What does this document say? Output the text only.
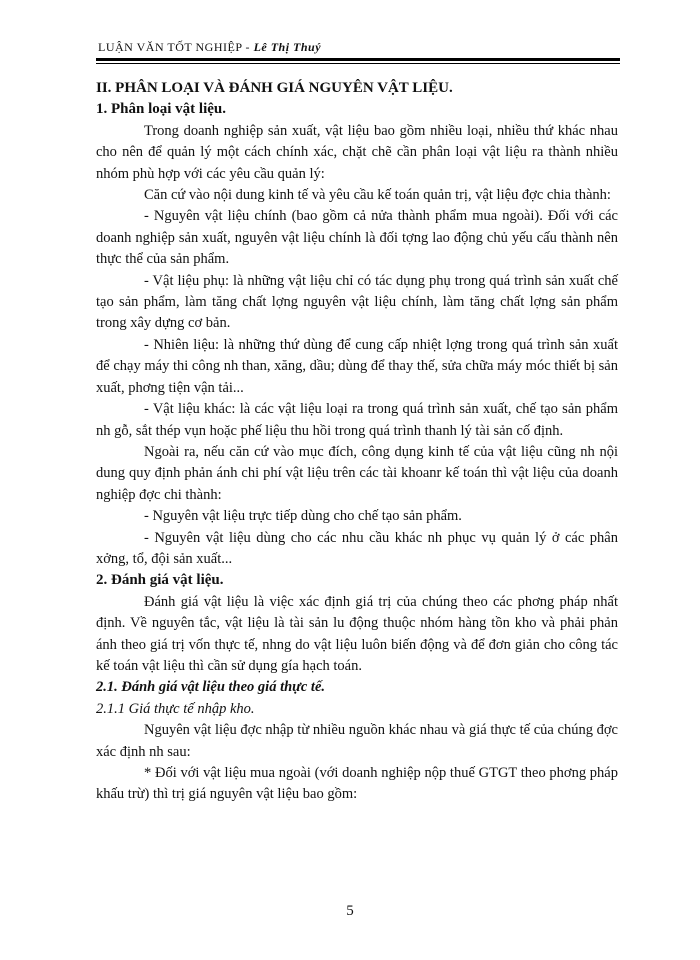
LUẬN VĂN TỐT NGHIỆP - Lê Thị Thuý

II. PHÂN LOẠI VÀ ĐÁNH GIÁ NGUYÊN VẬT LIỆU.

1. Phân loại vật liệu.

Trong doanh nghiệp sản xuất, vật liệu bao gồm nhiều loại, nhiều thứ khác nhau cho nên để quản lý một cách chính xác, chặt chẽ cần phân loại vật liệu ra thành nhiều nhóm phù hợp với các yêu cầu quản lý:

Căn cứ vào nội dung kinh tế và yêu cầu kế toán quản trị, vật liệu đợc chia thành:

- Nguyên vật liệu chính (bao gồm cả nửa thành phẩm mua ngoài). Đối với các doanh nghiệp sản xuất, nguyên vật liệu chính là đối tợng lao động chủ yếu cấu thành nên thực thể của sản phẩm.

- Vật liệu phụ: là những vật liệu chỉ có tác dụng phụ trong quá trình sản xuất chế tạo sản phẩm, làm tăng chất lợng nguyên vật liệu chính, làm tăng chất lợng sản phẩm trong xây dựng cơ bản.

- Nhiên liệu: là những thứ dùng để cung cấp nhiệt lợng trong quá trình sản xuất để chạy máy thi công nh than, xăng, dầu; dùng để thay thế, sửa chữa máy móc thiết bị sản xuất, phơng tiện vận tải...

- Vật liệu khác: là các vật liệu loại ra trong quá trình sản xuất, chế tạo sản phẩm nh gỗ, sắt thép vụn hoặc phế liệu thu hồi trong quá trình thanh lý tài sản cố định.

Ngoài ra, nếu căn cứ vào mục đích, công dụng kinh tế của vật liệu cũng nh nội dung quy định phản ánh chi phí vật liệu trên các tài khoanr kế toán thì vật liệu của doanh nghiệp đợc chi thành:

- Nguyên vật liệu trực tiếp dùng cho chế tạo sản phẩm.

- Nguyên vật liệu dùng cho các nhu cầu khác nh phục vụ quản lý ở các phân xởng, tổ, đội sản xuất...

2. Đánh giá vật liệu.

Đánh giá vật liệu là việc xác định giá trị của chúng theo các phơng pháp nhất định. Về nguyên tắc, vật liệu là tài sản lu động thuộc nhóm hàng tồn kho và phải phản ánh theo giá trị vốn thực tế, nhng do vật liệu luôn biến động và để đơn giản cho công tác kế toán vật liệu thì cần sử dụng gía hạch toán.

2.1. Đánh giá vật liệu theo giá thực tế.

2.1.1 Giá thực tế nhập kho.

Nguyên vật liệu đợc nhập từ nhiều nguồn khác nhau và giá thực tế của chúng đợc xác định nh sau:

* Đối với vật liệu mua ngoài (với doanh nghiệp nộp thuế GTGT theo phơng pháp khấu trừ) thì trị giá nguyên vật liệu bao gồm:

5
